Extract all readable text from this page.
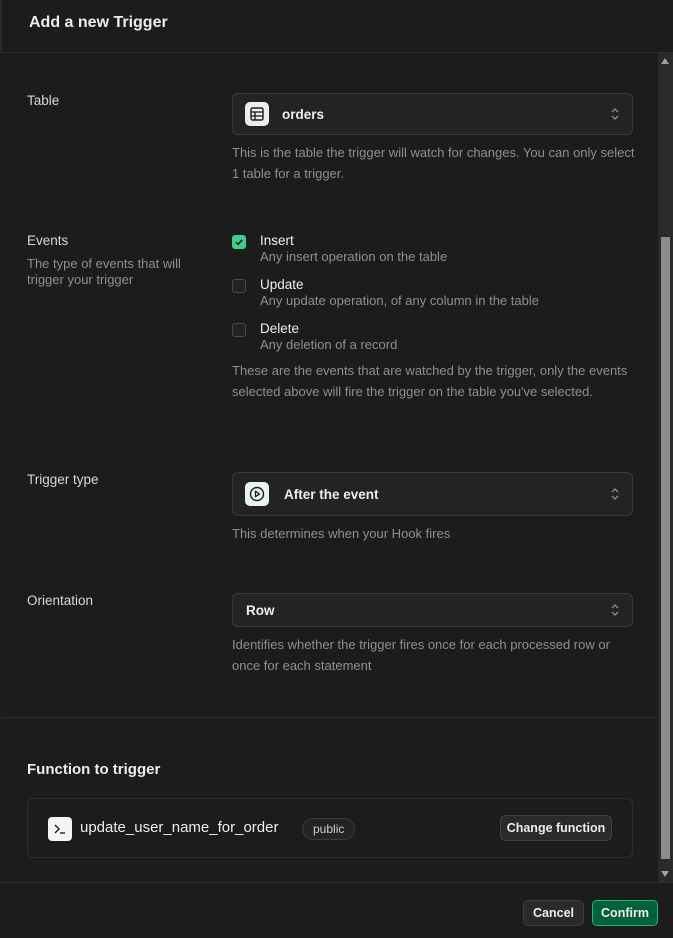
Add a new Trigger
Table
orders
This is the table the trigger will watch for changes. You can only select 1 table for a trigger.
Events
The type of events that will trigger your trigger
Insert
Any insert operation on the table
Update
Any update operation, of any column in the table
Delete
Any deletion of a record
These are the events that are watched by the trigger, only the events selected above will fire the trigger on the table you've selected.
Trigger type
After the event
This determines when your Hook fires
Orientation
Row
Identifies whether the trigger fires once for each processed row or once for each statement
Function to trigger
update_user_name_for_order	public	Change function
Cancel	Confirm
